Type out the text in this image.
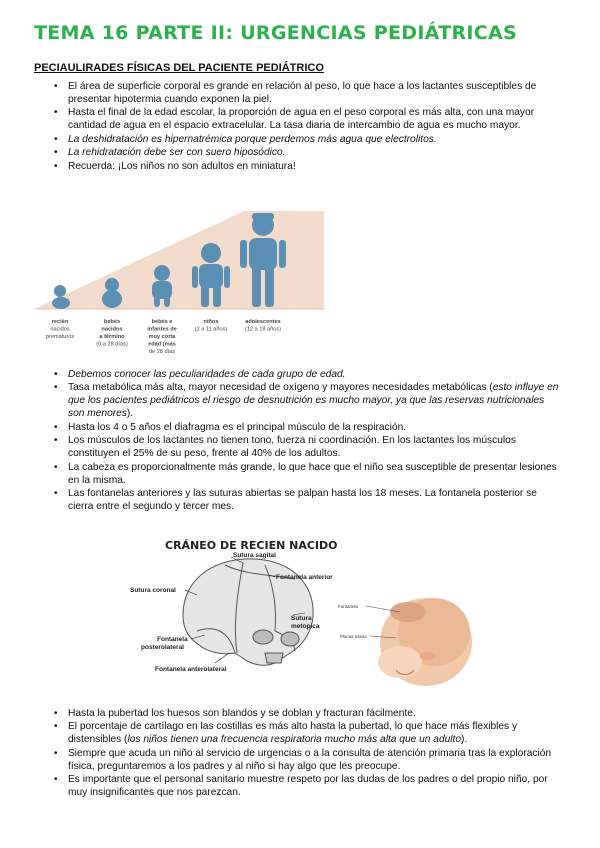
TEMA 16 PARTE II: URGENCIAS PEDIÁTRICAS
PECIAULIRADES FÍSICAS DEL PACIENTE PEDIÁTRICO
• El área de superficie corporal es grande en relación al peso, lo que hace a los lactantes susceptibles de presentar hipotermia cuando exponen la piel.
• Hasta el final de la edad escolar, la proporción de agua en el peso corporal es más alta, con una mayor cantidad de agua en el espacio extracelular. La tasa diaria de intercambio de agua es mucho mayor.
• La deshidratación es hipernatrémica porque perdemos más agua que electrolitos.
• La rehidratación debe ser con suero hiposódico.
• Recuerda: ¡Los niños no son adultos en miniatura!
recién
nacidos
prematuros
bebés
nacidos
a término
(0 a 28 días)
bebés e
infantes de
muy corta
edad (más
de 28 días
niños
(2 a 11 años)
adolescentes
(12 a 18 años)
• Debemos conocer las peculiaridades de cada grupo de edad.
• Tasa metabólica más alta, mayor necesidad de oxígeno y mayores necesidades metabólicas (esto influye en que los pacientes pediátricos el riesgo de desnutrición es mucho mayor, ya que las reservas nutricionales son menores).
• Hasta los 4 o 5 años el diafragma es el principal músculo de la respiración.
• Los músculos de los lactantes no tienen tono, fuerza ni coordinación. En los lactantes los músculos constituyen el 25% de su peso, frente al 40% de los adultos.
• La cabeza es proporcionalmente más grande, lo que hace que el niño sea susceptible de presentar lesiones en la misma.
• Las fontanelas anteriores y las suturas abiertas se palpan hasta los 18 meses. La fontanela posterior se cierra entre el segundo y tercer mes.
CRÁNEO DE RECIEN NACIDO
Sutura sagital
Fontanela anterior
Sutura coronal
Sutura
metopica
Fontanela
posterolateral
Fontanela anterolateral
Fontanela
Placas óseas
• Hasta la pubertad los huesos son blandos y se doblan y fracturan fácilmente.
• El porcentaje de cartílago en las costillas es más alto hasta la pubertad, lo que hace más flexibles y distensibles (los niños tienen una frecuencia respiratoria mucho más alta que un adulto).
• Siempre que acuda un niño al servicio de urgencias o a la consulta de atención primaria tras la exploración física, preguntaremos a los padres y al niño si hay algo que les preocupe.
• Es importante que el personal sanitario muestre respeto por las dudas de los padres o del propio niño, por muy insignificantes que nos parezcan.
